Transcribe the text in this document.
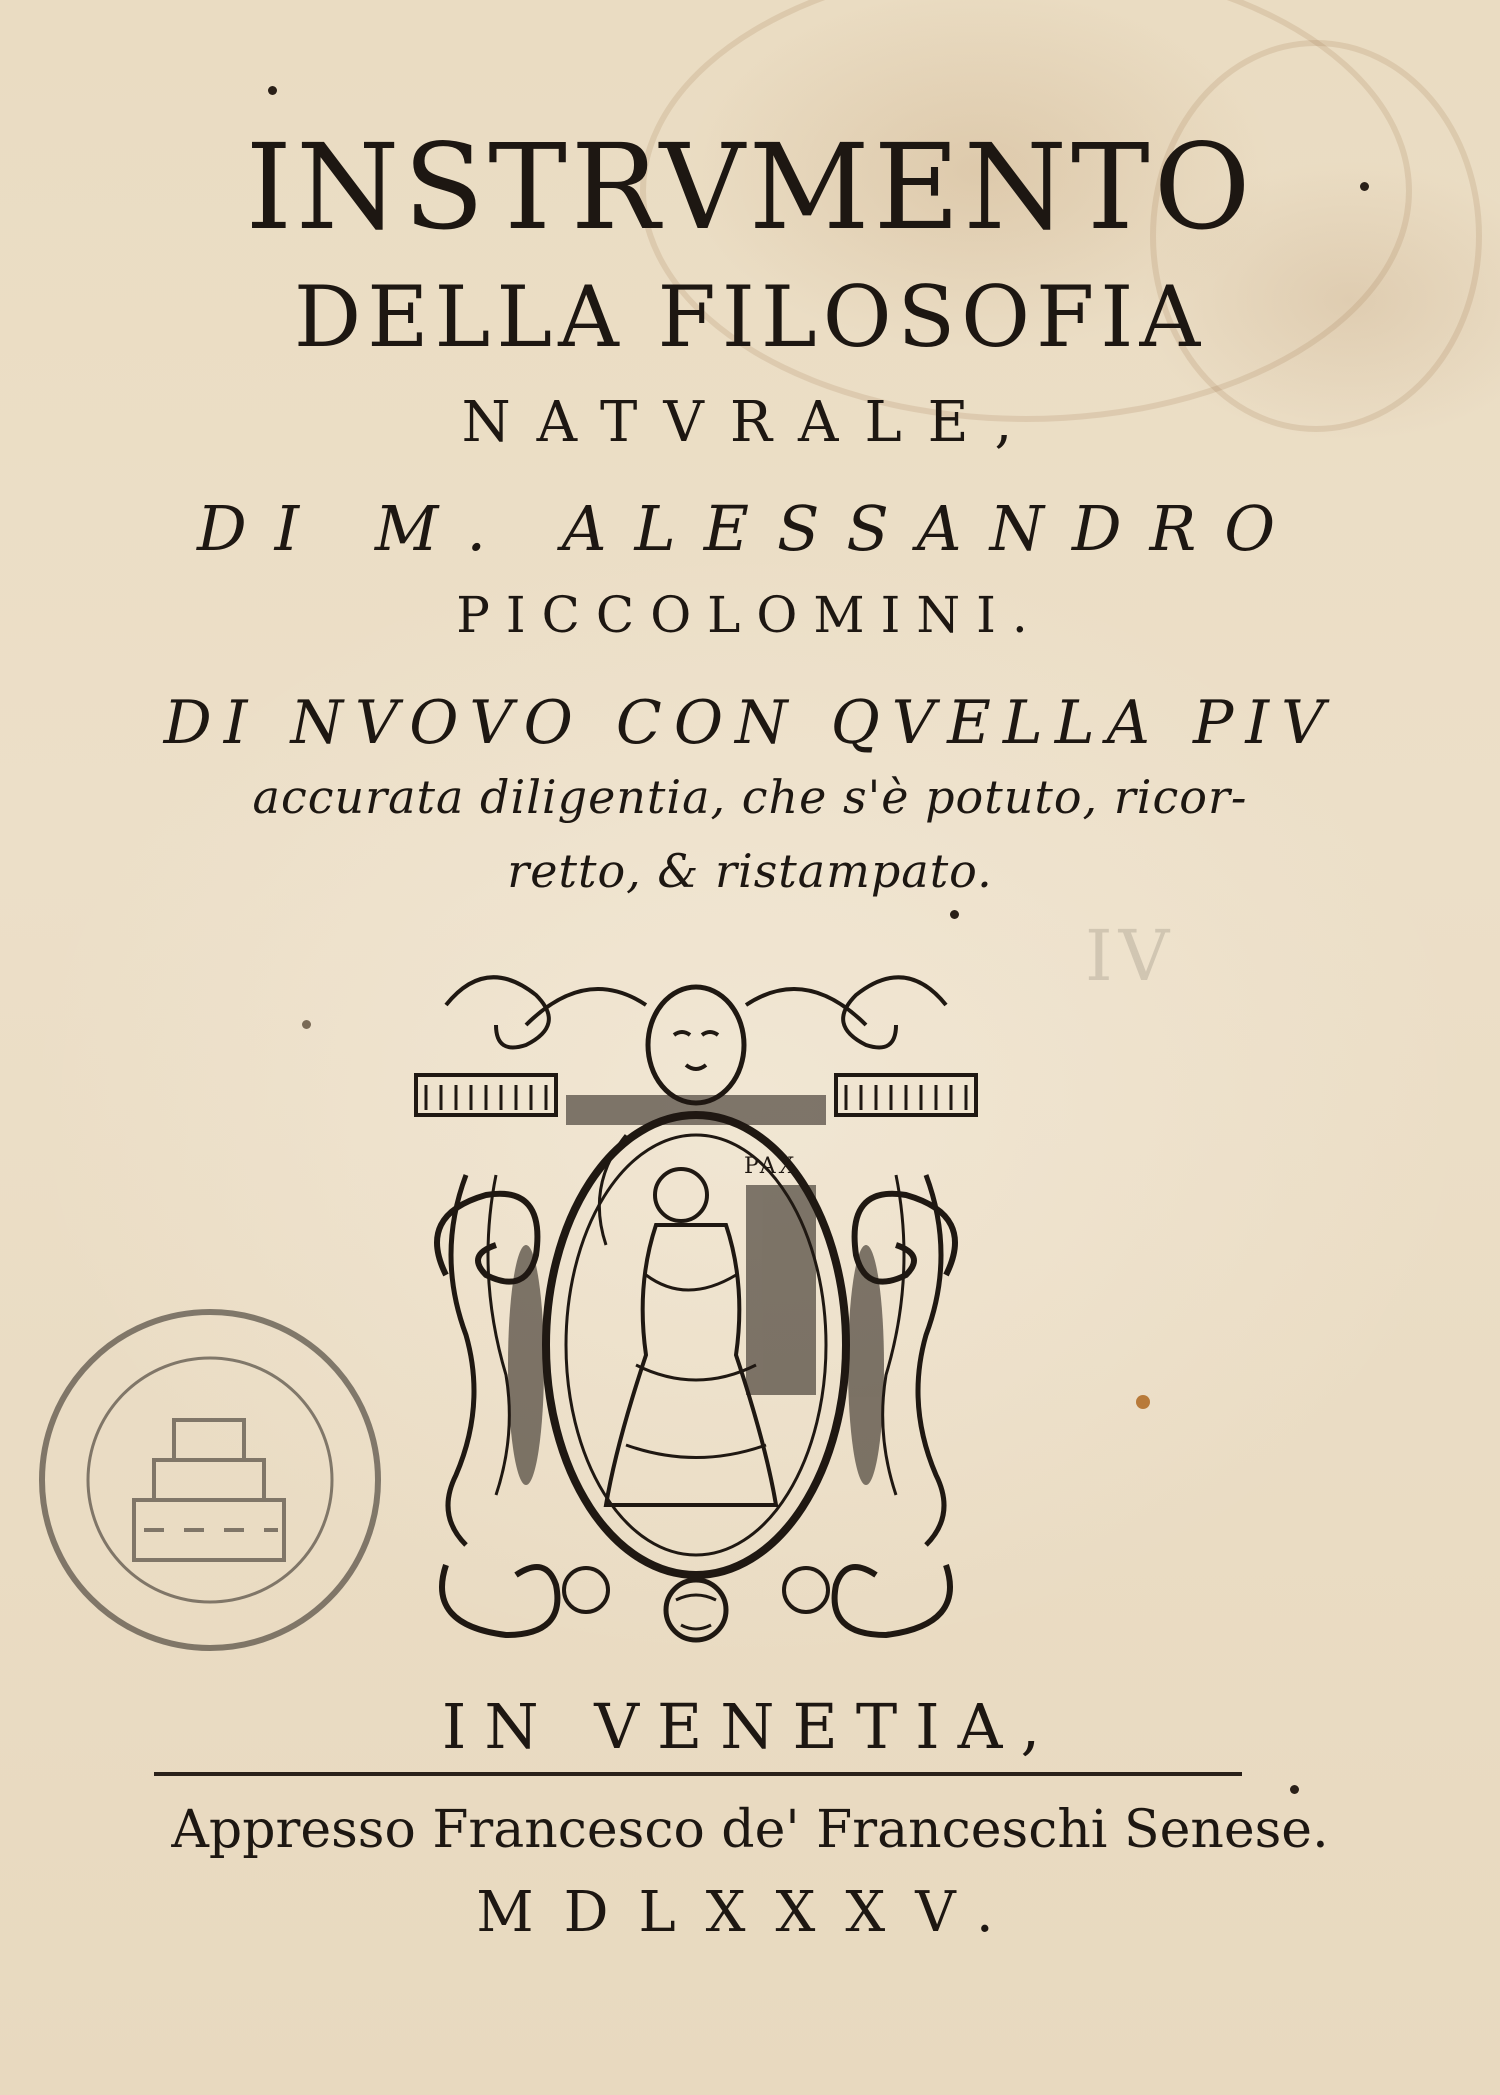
INSTRVMENTO
DELLA FILOSOFIA
NATVRALE,
DI M. ALESSANDRO
PICCOLOMINI.
DI NVOVO CON QVELLA PIV
accurata diligentia, che s'è potuto, ricor-
retto, & ristampato.
IV
PAX
IN VENETIA,
Appresso Francesco de' Franceschi Senese.
MDLXXXV.
